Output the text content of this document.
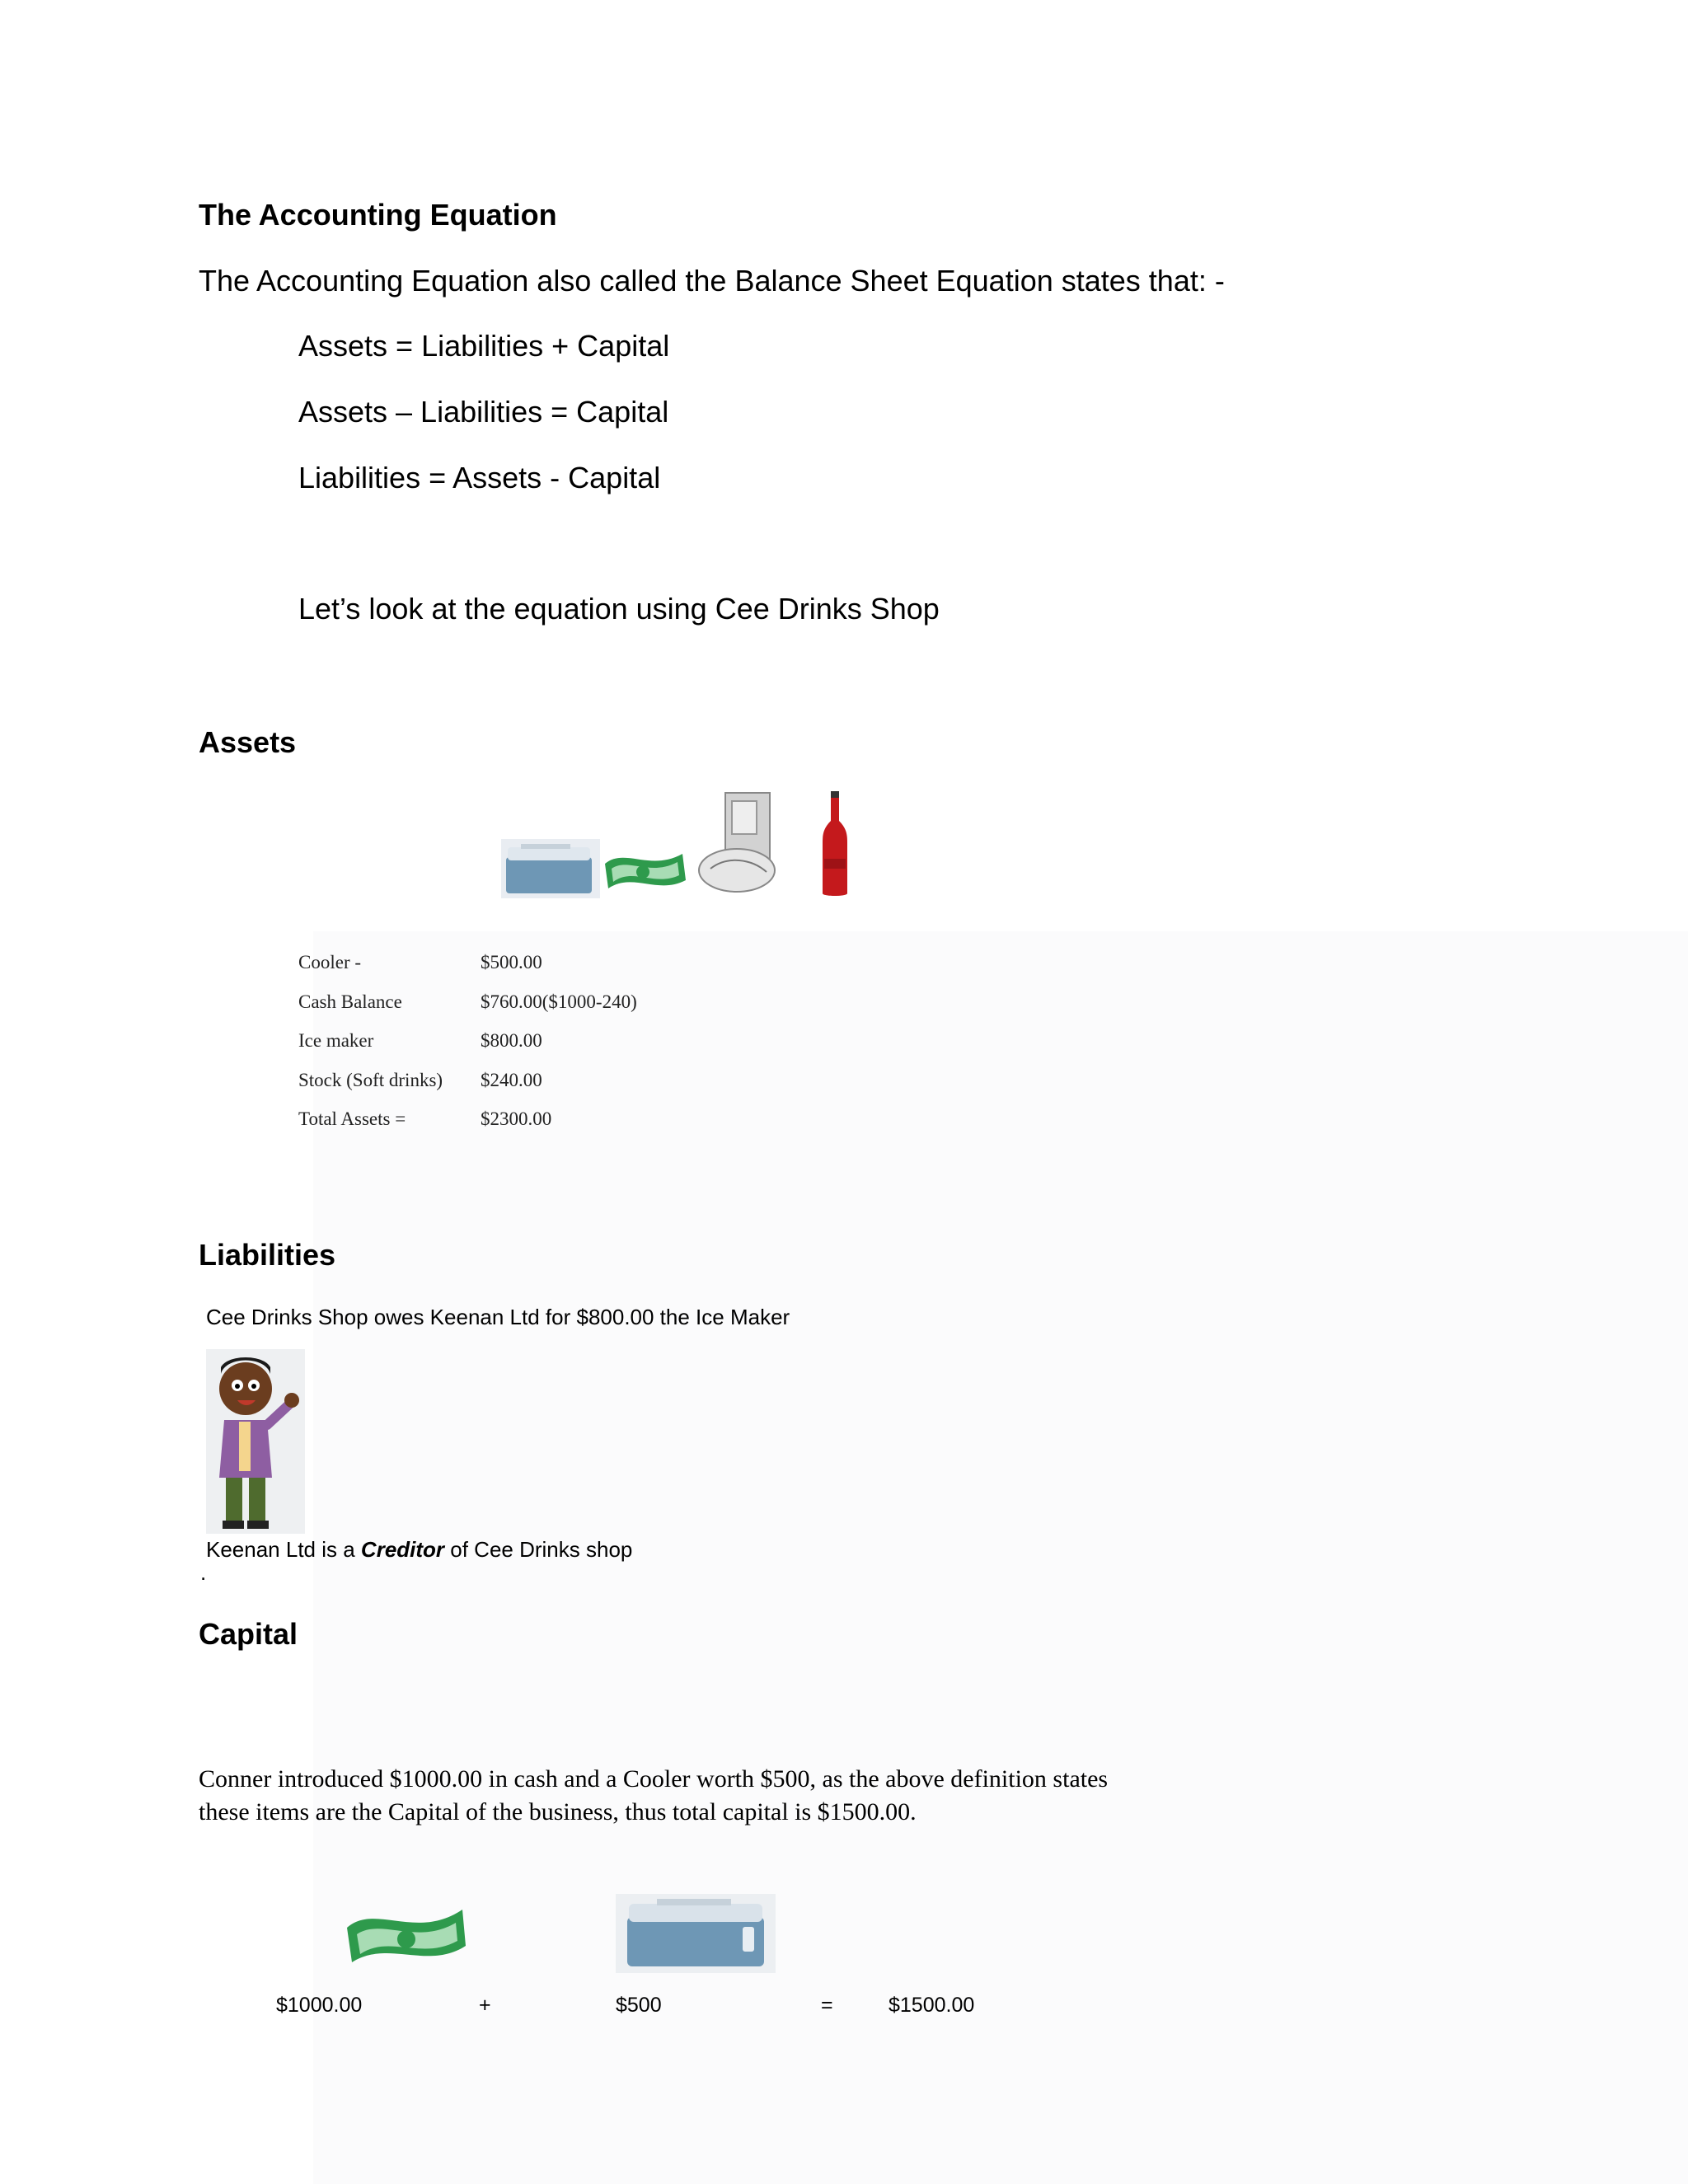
The Accounting Equation
The Accounting Equation also called the Balance Sheet Equation states that: -
Assets = Liabilities + Capital
Assets – Liabilities = Capital
Liabilities = Assets - Capital
Let’s look at the equation using Cee Drinks Shop
Assets
Cooler -	$500.00
Cash Balance	$760.00($1000-240)
Ice maker	$800.00
Stock (Soft drinks) $240.00
Total Assets =	$2300.00
Liabilities
Cee Drinks Shop owes Keenan Ltd for $800.00 the Ice Maker
Keenan Ltd is a Creditor of Cee Drinks shop
.
Capital
Conner introduced $1000.00 in cash and a Cooler worth $500, as the above definition states
these items are the Capital of the business, thus total capital is $1500.00.
$1000.00	+	$500	=	$1500.00
